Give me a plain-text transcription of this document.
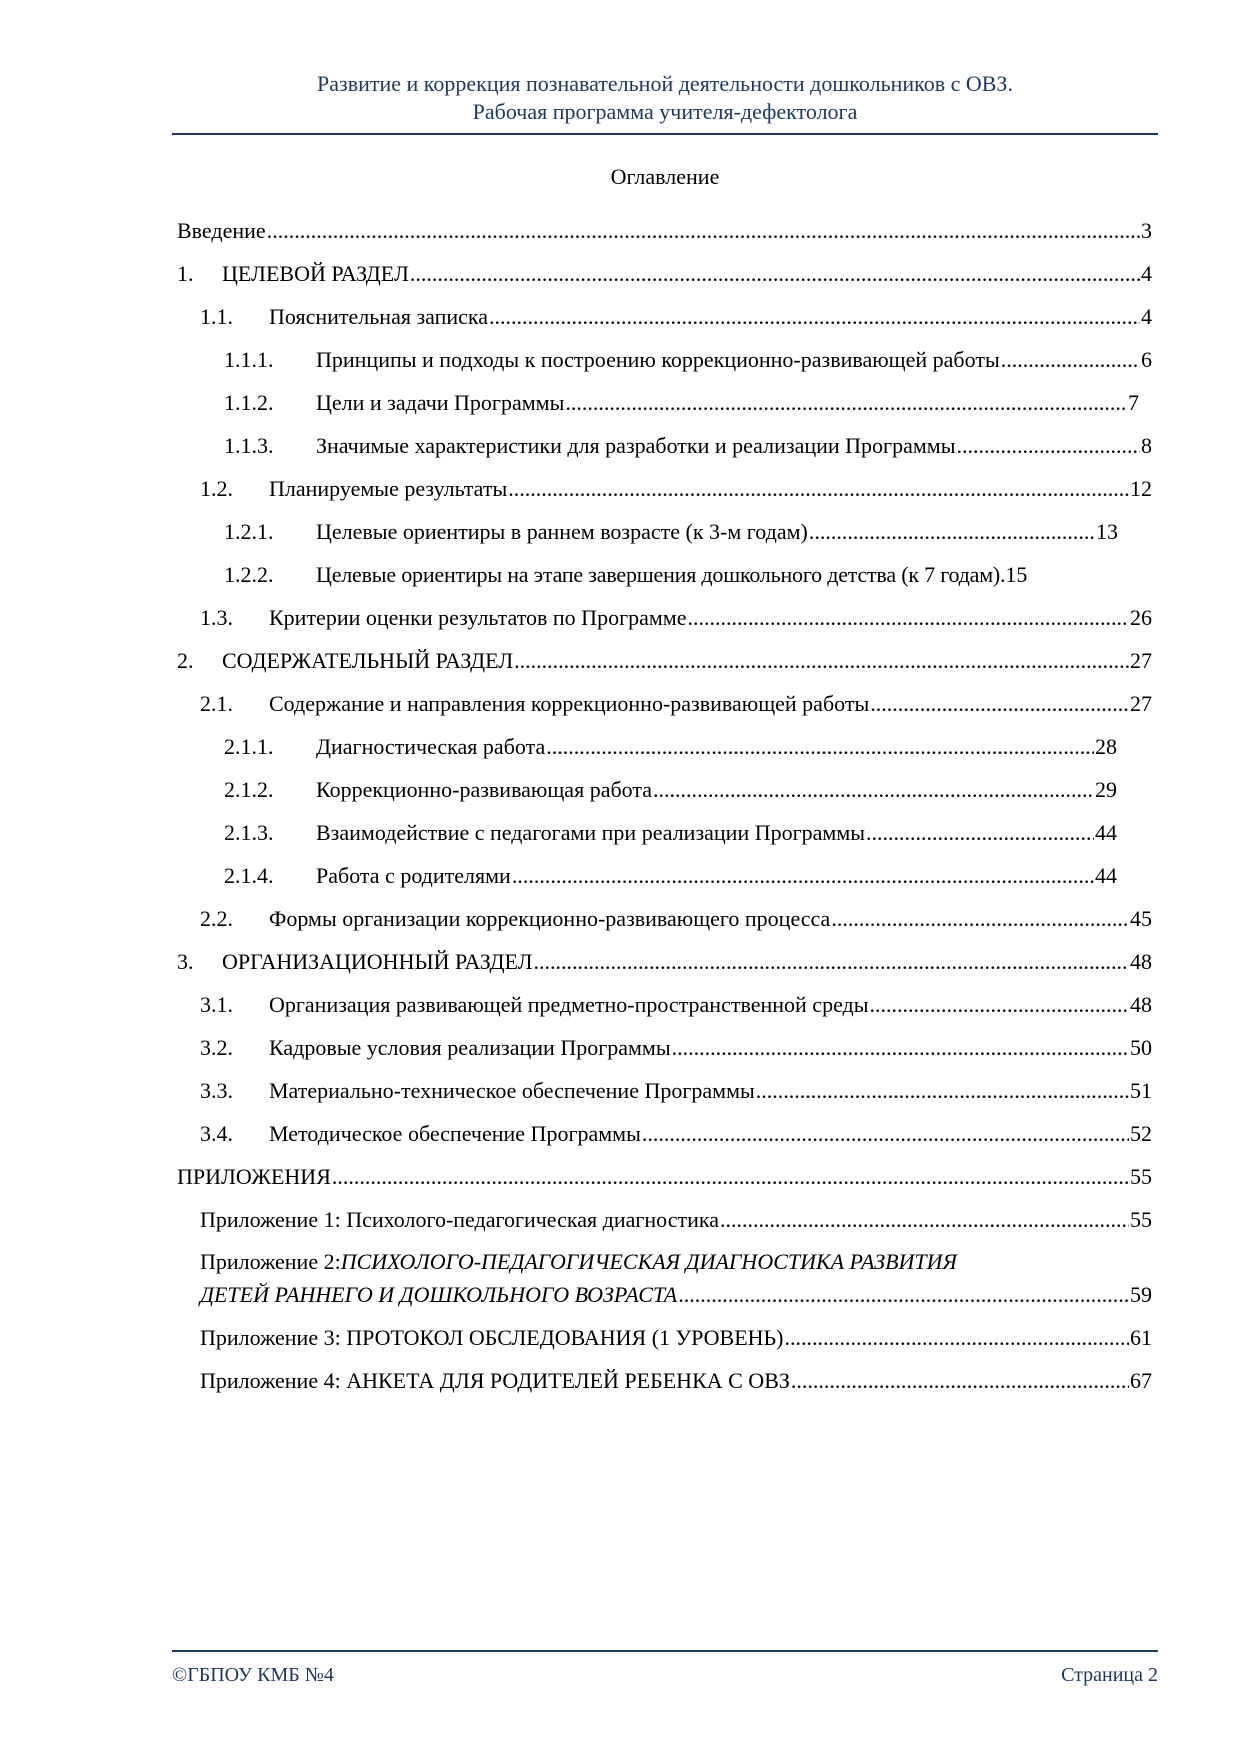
Развитие и коррекция познавательной деятельности дошкольников с ОВЗ.
Рабочая программа учителя-дефектолога
Оглавление
Введение .....	3
1.	ЦЕЛЕВОЙ РАЗДЕЛ .....	4
1.1.	Пояснительная записка .....	4
1.1.1.	Принципы и подходы к построению коррекционно-развивающей работы .....	6
1.1.2.	Цели и задачи Программы .....	7
1.1.3.	Значимые характеристики для разработки и реализации Программы .....	8
1.2.	Планируемые результаты .....	12
1.2.1.	Целевые ориентиры в раннем возрасте (к 3-м годам) .....	13
1.2.2.	Целевые ориентиры на этапе завершения дошкольного детства (к 7 годам). 15
1.3.	Критерии оценки результатов по Программе .....	26
2.	СОДЕРЖАТЕЛЬНЫЙ РАЗДЕЛ .....	27
2.1.	Содержание и направления коррекционно-развивающей работы .....	27
2.1.1.	Диагностическая работа .....	28
2.1.2.	Коррекционно-развивающая работа .....	29
2.1.3.	Взаимодействие с педагогами при реализации Программы .....	44
2.1.4.	Работа с родителями .....	44
2.2.	Формы организации коррекционно-развивающего процесса .....	45
3.	ОРГАНИЗАЦИОННЫЙ РАЗДЕЛ .....	48
3.1.	Организация развивающей предметно-пространственной среды .....	48
3.2.	Кадровые условия реализации Программы .....	50
3.3.	Материально-техническое обеспечение Программы .....	51
3.4.	Методическое обеспечение Программы .....	52
ПРИЛОЖЕНИЯ .....	55
Приложение 1: Психолого-педагогическая диагностика .....	55
Приложение 2: ПСИХОЛОГО-ПЕДАГОГИЧЕСКАЯ ДИАГНОСТИКА РАЗВИТИЯ
ДЕТЕЙ РАННЕГО И ДОШКОЛЬНОГО ВОЗРАСТА .....	59
Приложение 3: ПРОТОКОЛ ОБСЛЕДОВАНИЯ (1 УРОВЕНЬ) .....	61
Приложение 4: АНКЕТА ДЛЯ РОДИТЕЛЕЙ РЕБЕНКА С ОВЗ .....	67
©ГБПОУ КМБ №4	Страница 2
